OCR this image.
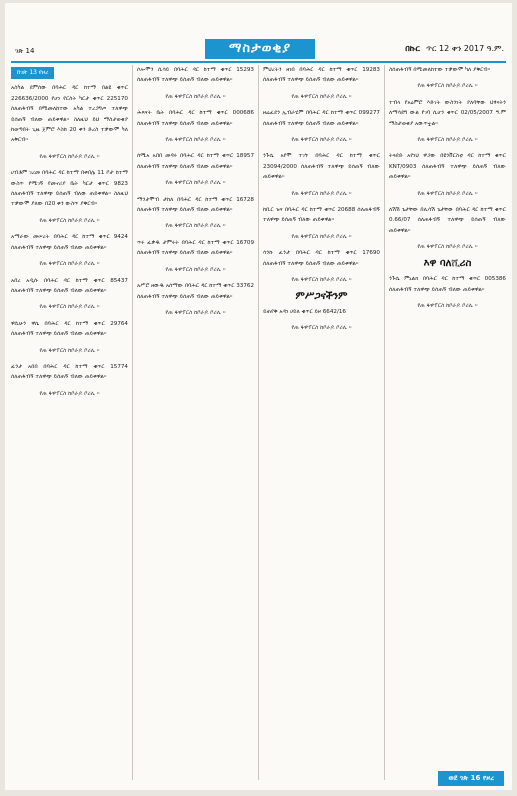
ገጽ 14	ማስታወቂያ	በኩር ጥር 12 ቀን 2017 ዓ.ም.
ከገጽ 13 የዞረ
አስካል ደምሰው በባሕር ዳር ከተማ በልዩ ቁጥር 226636/2000 የሆነ የርስት ካርታ ቁጥር 225170 ሰለጠፋብኝ በሚመለከተው አካል ተረጋግጦ ተለዋጭ ይሰጠኝ ብለው ጠይቀዋል። ስለዚህ ይህ ማስታወቂያ ከወጣበት ጊዜ ጀምሮ እስከ 20 ቀን ድረስ ተቃውሞ ካለ አቅርብ፡፡
የጠ ፋዋፕርስ ከቦራዶ ቦሪሊ ፡፡
ሀብቶም ገረመ በባሕር ዳር ከተማ በቀበሌ 11 ቦታ ከተማ ውስጥ የሚገኝ የመኖሪያ ቤት ካርታ ቁጥር 9823 ሰለጠፋብኝ ተለዋጭ ይሰጠኝ ብለው ጠይቀዋል። ስለዚህ ተቃውሞ ያለው በ20 ቀን ውስጥ ያቅርብ፡፡
የጠ ፋዋፕርስ ከቦራዶ ቦሪሊ ፡፡
አማራው መሠረት በባሕር ዳር ከተማ ቁጥር 9424 ሰለጠፋብኝ ተለዋጭ ይሰጠኝ ብለው ጠይቀዋል፡፡
የጠ ፋዋፕርስ ከቦራዶ ቦሪሊ ፡፡
አበረ አዲሱ በባሕር ዳር ከተማ ቁጥር 85437 ሰለጠፋብኝ ተለዋጭ ይሰጠኝ ብለው ጠይቀዋል፡፡
የጠ ፋዋፕርስ ከቦራዶ ቦሪሊ ፡፡
ዋሲሁን ዋሴ በባሕር ዳር ከተማ ቁጥር 29764 ሰለጠፋብኝ ተለዋጭ ይሰጠኝ ብለው ጠይቀዋል፡፡
የጠ ፋዋፕርስ ከቦራዶ ቦሪሊ ፡፡
ፈንታ አበበ በባሕር ዳር ከተማ ቁጥር 15774 ሰለጠፋብኝ ተለዋጭ ይሰጠኝ ብለው ጠይቀዋል፡፡
የጠ ፋዋፕርስ ከቦራዶ ቦሪሊ ፡፡
ሶሎሞን ሲሳይ በባሕር ዳር ከተማ ቁጥር 15293 ሰለጠፋብኝ ተለዋጭ ይሰጠኝ ብለው ጠይቀዋል፡፡
የጠ ፋዋፕርስ ከቦራዶ ቦሪሊ ፡፡
ሕጻናት ቤት በባሕር ዳር ከተማ ቁጥር 000686 ሰለጠፋብኝ ተለዋጭ ይሰጠኝ ብለው ጠይቀዋል፡፡
የጠ ፋዋፕርስ ከቦራዶ ቦሪሊ ፡፡
ሰሚአ አበበ መዳሩ በባሕር ዳር ከተማ ቁጥር 18957 ሰለጠፋብኝ ተለዋጭ ይሰጠኝ ብለው ጠይቀዋል፡፡
የጠ ፋዋፕርስ ከቦራዶ ቦሪሊ ፡፡
ማንታሞብ ታከለ በባሕር ዳር ከተማ ቁጥር 16728 ሰለጠፋብኝ ተለዋጭ ይሰጠኝ ብለው ጠይቀዋል፡፡
የጠ ፋዋፕርስ ከቦራዶ ቦሪሊ ፡፡
ጥሩ ፈቃዱ ታምሩት በባሕር ዳር ከተማ ቁጥር 16709 ሰለጠፋብኝ ተለዋጭ ይሰጠኝ ብለው ጠይቀዋል፡፡
የጠ ፋዋፕርስ ከቦራዶ ቦሪሊ ፡፡
አሥሮ ዘውዱ አሰማው በባሕር ዳር ከተማ ቁጥር 33762 ሰለጠፋብኝ ተለዋጭ ይሰጠኝ ብለው ጠይቀዋል፡፡
የጠ ፋዋፕርስ ከቦራዶ ቦሪሊ ፡፡
ምህረትን ዘነበ በባሕር ዳር ከተማ ቁጥር 19283 ሰለጠፋብኝ ተለዋጭ ይሰጠኝ ብለው ጠይቀዋል፡፡
የጠ ፋዋፕርስ ከቦራዶ ቦሪሊ ፡፡
ዘሬፈደን ኢብራሂም በባሕር ዳር ከተማ ቁጥር 099277 ሰለጠፋብኝ ተለዋጭ ይሰጠኝ ብለው ጠይቀዋል፡፡
የጠ ፋዋፕርስ ከቦራዶ ቦሪሊ ፡፡
ንጉሴ አየሞ ተገኘ በባሕር ዳር ከተማ ቁጥር 23094/2000 ሰለጠፋብኝ ተለዋጭ ይሰጠኝ ብለው ጠይቀዋል፡፡
የጠ ፋዋፕርስ ከቦራዶ ቦሪሊ ፡፡
ከቢር ዝና በባሕር ዳር ከተማ ቁጥር 20688 ሰለጠፋብኝ ተለዋጭ ይሰጠኝ ብለው ጠይቀዋል፡፡
የጠ ፋዋፕርስ ከቦራዶ ቦሪሊ ፡፡
ሳንኩ ፈንታ በባሕር ዳር ከተማ ቁጥር 17690 ሰለጠፋብኝ ተለዋጭ ይሰጠኝ ብለው ጠይቀዋል፡፡
የጠ ፋዋፕርስ ከቦራዶ ቦሪሊ ፡፡
ምሥጋናችንም
ይጠየቅ አዳነ ሀይለ ቁጥር ይዞ 6642/16
የጠ ፋዋፕርስ ከቦራዶ ቦሪሊ ፡፡
ስሰጠፋብኝ በሚመለከተው ተቃውሞ ካለ ያቅርብ፡፡
የጠ ፋዋፕርስ ከቦራዶ ቦሪሊ ፡፡
ተብላ የአዕምሮ እድገት ውስንነት ያለባቸው ህፃናትን ለማሳደግ ውል የገባ ሲሆን ቁጥር 02/05/2007 ዓ.ም ማስታወቂያ አውጥቷል።
የጠ ፋዋፕርስ ከቦራዶ ቦሪሊ ፡፡
ትጓደድ አየነህ ዋጋው በዩንቨርስቲ ዳር ከተማ ቁጥር KNT/0903 ሰለጠፋብኝ ተለዋጭ ይሰጠኝ ብለው ጠይቀዋል፡፡
የጠ ፋዋፕርስ ከቦራዶ ቦሪሊ ፡፡
ለሽሽ ጌታቸው በሊሳሽ ጌታቸው በባሕር ዳር ከተማ ቁጥር 0.66/07 ሰለጠፋብኝ ተለዋጭ ይሰጠኝ ብለው ጠይቀዋል፡፡
የጠ ፋዋፕርስ ከቦራዶ ቦሪሊ ፡፡
እዋ ባለሺሪስ
ንጉሴ ምኒልክ በባሕር ዳር ከተማ ቁጥር 005386 ሰለጠፋብኝ ተለዋጭ ይሰጠኝ ብለው ጠይቀዋል፡፡
የጠ ፋዋፕርስ ከቦራዶ ቦሪሊ ፡፡
ወደ ገጽ 16 የዞረ
